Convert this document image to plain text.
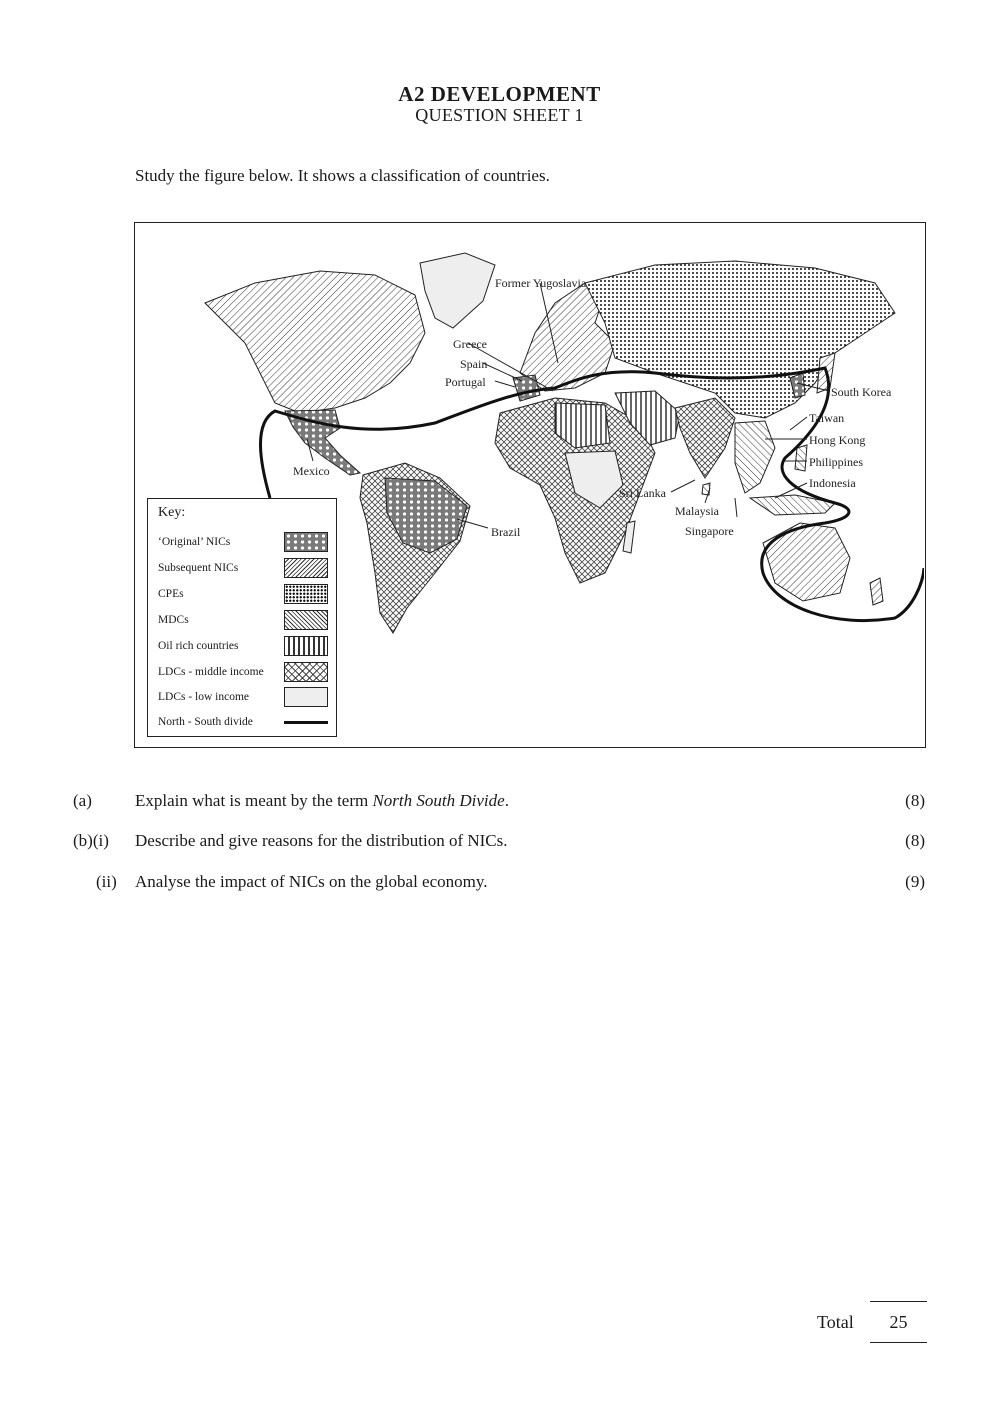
A2 DEVELOPMENT
QUESTION SHEET 1
Study the figure below. It shows a classification of countries.
Former Yugoslavia
Greece
Spain
Portugal
South Korea
Taiwan
Hong Kong
Philippines
Indonesia
Mexico
Sri Lanka
Malaysia
Singapore
Brazil
Key:
‘Original’ NICs
Subsequent NICs
CPEs
MDCs
Oil rich countries
LDCs - middle income
LDCs - low income
North - South divide
(a)	Explain what is meant by the term North South Divide.	(8)
(b)(i) Describe and give reasons for the distribution of NICs.	(8)
(ii) Analyse the impact of NICs on the global economy.	(9)
Total	25
